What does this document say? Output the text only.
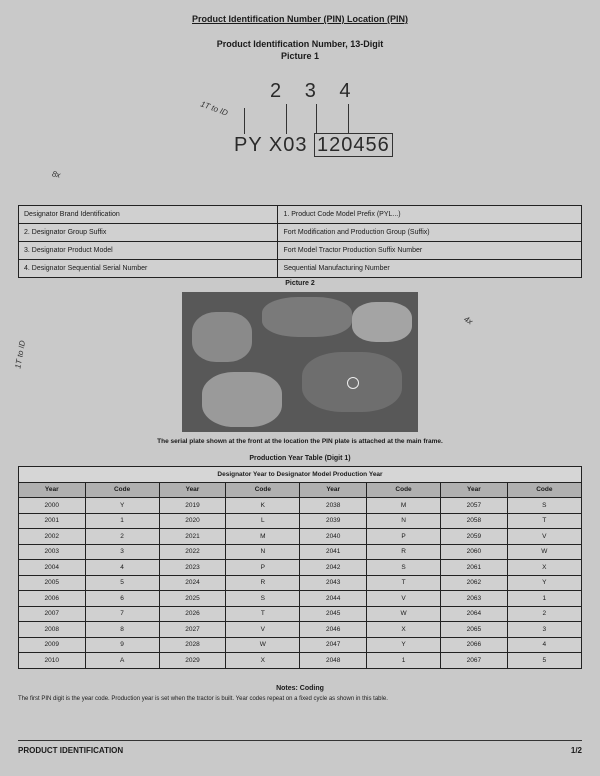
Product Identification Number (PIN) Location (PIN)
Product Identification Number, 13-Digit
Picture 1
2 3 4
PY X03 120456
1T to ID
8x
1T to ID
4x
Designator Brand Identification	1. Product Code Model Prefix (PYL...)
2. Designator Group Suffix	Fort Modification and Production Group (Suffix)
3. Designator Product Model	Fort Model Tractor Production Suffix Number
4. Designator Sequential Serial Number	Sequential Manufacturing Number
Picture 2
The serial plate shown at the front at the location the PIN plate is attached at the main frame.
Production Year Table (Digit 1)
Designator Year to Designator Model Production Year							
Year	Code	Year	Code	Year	Code	Year	Code
2000	Y	2019	K	2038	M	2057	S
2001	1	2020	L	2039	N	2058	T
2002	2	2021	M	2040	P	2059	V
2003	3	2022	N	2041	R	2060	W
2004	4	2023	P	2042	S	2061	X
2005	5	2024	R	2043	T	2062	Y
2006	6	2025	S	2044	V	2063	1
2007	7	2026	T	2045	W	2064	2
2008	8	2027	V	2046	X	2065	3
2009	9	2028	W	2047	Y	2066	4
2010	A	2029	X	2048	1	2067	5
Notes: Coding
The first PIN digit is the year code. Production year is set when the tractor is built. Year codes repeat on a fixed cycle as shown in this table.
PRODUCT IDENTIFICATION	1/2
